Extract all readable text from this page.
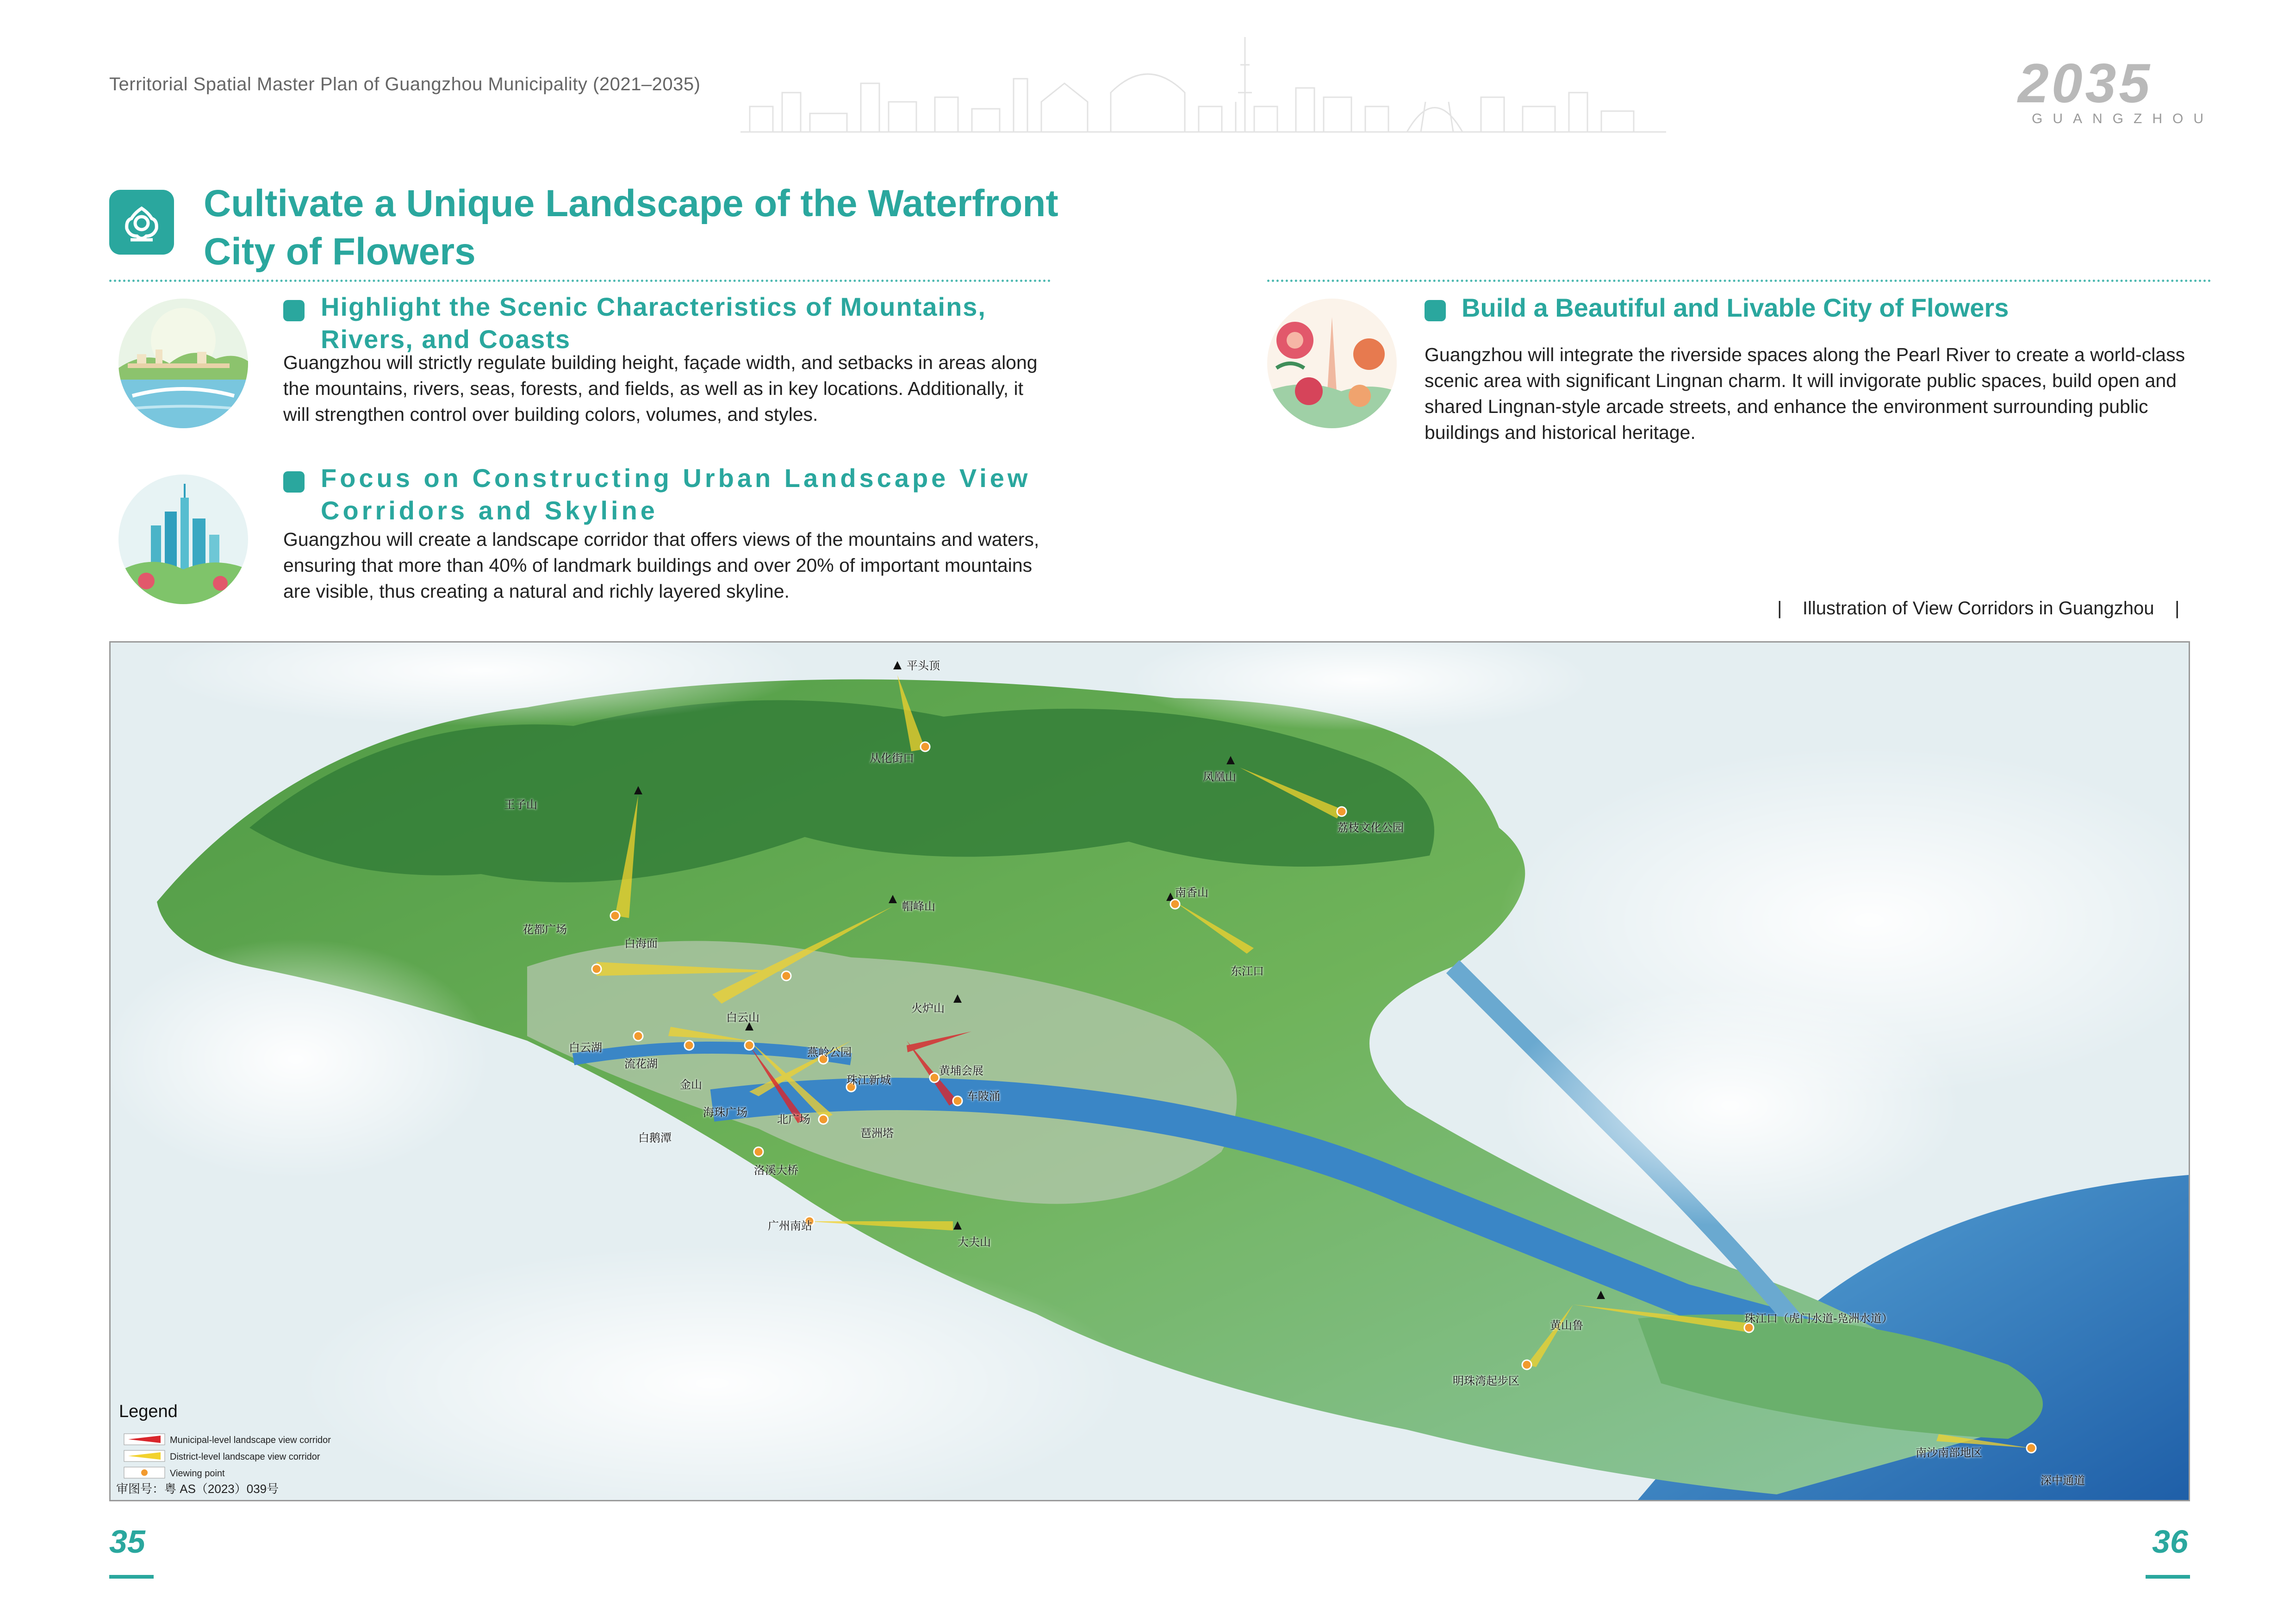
Territorial Spatial Master Plan of Guangzhou Municipality (2021–2035)	2035
GUANGZHOU
Cultivate a Unique Landscape of the Waterfront City of Flowers
Highlight the Scenic Characteristics of Mountains, Rivers, and Coasts
Guangzhou will strictly regulate building height, façade width, and setbacks in areas along the mountains, rivers, seas, forests, and fields, as well as in key locations. Additionally, it will strengthen control over building colors, volumes, and styles.
Focus on Constructing Urban Landscape View Corridors and Skyline
Guangzhou will create a landscape corridor that offers views of the mountains and waters, ensuring that more than 40% of landmark buildings and over 20% of important mountains are visible, thus creating a natural and richly layered skyline.
Build a Beautiful and Livable City of Flowers
Guangzhou will integrate the riverside spaces along the Pearl River to create a world-class scenic area with significant Lingnan charm. It will invigorate public spaces, build open and shared Lingnan-style arcade streets, and enhance the environment surrounding public buildings and historical heritage.
| Illustration of View Corridors in Guangzhou |
平头顶
从化街口
王子山
凤凰山
荔枝文化公园
花都广场
帽峰山
南香山
白海面
东江口
白云山
火炉山
白云湖	燕岭公园
流花湖
珠江新城
金山
黄埔会展
车陂涌
海珠广场
北广场
琶洲塔
白鹅潭
洛溪大桥
广州南站
大夫山
黄山鲁
珠江口（虎门水道-凫洲水道）
明珠湾起步区
南沙南部地区
深中通道
Legend
Municipal-level landscape view corridor
District-level landscape view corridor
Viewing point
审图号：粤 AS（2023）039号
35	36
